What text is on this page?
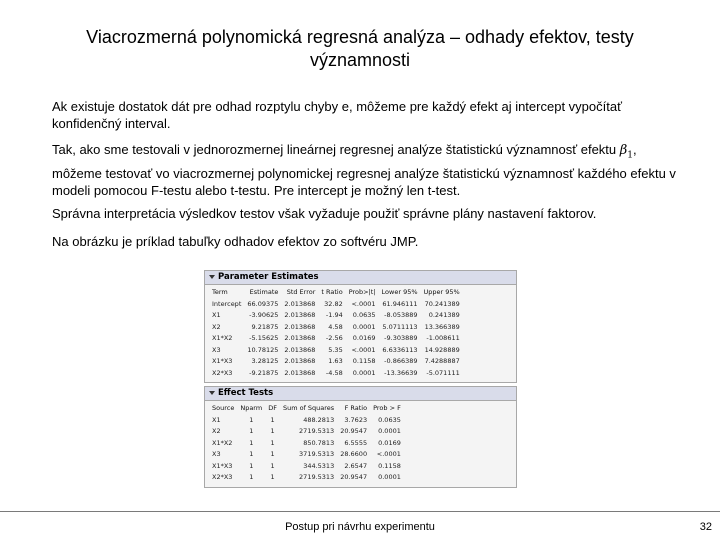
Viacrozmerná polynomická regresná analýza – odhady efektov, testy významnosti
Ak existuje dostatok dát pre odhad rozptylu chyby e, môžeme pre každý efekt aj intercept vypočítať konfidenčný interval.
Tak, ako sme testovali v jednorozmernej lineárnej regresnej analýze štatistickú významnosť efektu $\beta_1$, môžeme testovať vo viacrozmernej polynomickej regresnej analýze štatistickú významnosť každého efektu v modeli pomocou F-testu alebo t-testu. Pre intercept je možný len t-test.
Správna interpretácia výsledkov testov však vyžaduje použiť správne plány nastavení faktorov.
Na obrázku je príklad tabuľky odhadov efektov zo softvéru JMP.
Parameter Estimates
Term	Estimate	Std Error	t Ratio	Prob>|t|	Lower 95%	Upper 95%
Intercept	66.09375	2.013868	32.82	<.0001	61.946111	70.241389
X1	-3.90625	2.013868	-1.94	0.0635	-8.053889	0.241389
X2	9.21875	2.013868	4.58	0.0001	5.0711113	13.366389
X1*X2	-5.15625	2.013868	-2.56	0.0169	-9.303889	-1.008611
X3	10.78125	2.013868	5.35	<.0001	6.6336113	14.928889
X1*X3	3.28125	2.013868	1.63	0.1158	-0.866389	7.4288887
X2*X3	-9.21875	2.013868	-4.58	0.0001	-13.36639	-5.071111
Effect Tests
Source	Nparm	DF	Sum of Squares	F Ratio	Prob > F
X1	1	1	488.2813	3.7623	0.0635
X2	1	1	2719.5313	20.9547	0.0001
X1*X2	1	1	850.7813	6.5555	0.0169
X3	1	1	3719.5313	28.6600	<.0001
X1*X3	1	1	344.5313	2.6547	0.1158
X2*X3	1	1	2719.5313	20.9547	0.0001
Postup pri návrhu experimentu	32
